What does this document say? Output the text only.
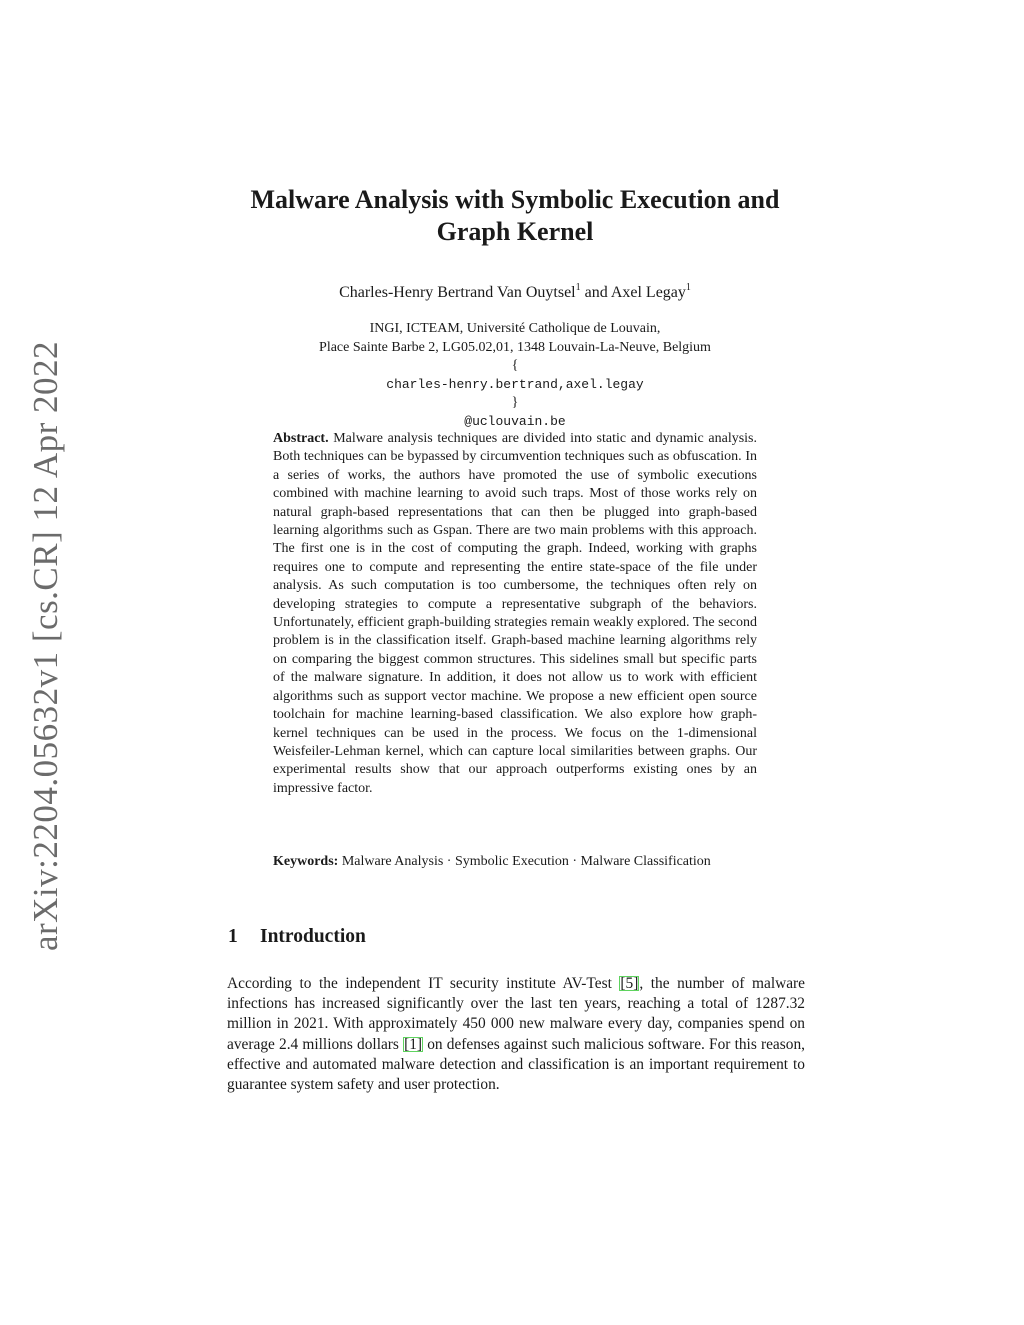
arXiv:2204.05632v1 [cs.CR] 12 Apr 2022
Malware Analysis with Symbolic Execution and
Graph Kernel
Charles-Henry Bertrand Van Ouytsel$^1$ and Axel Legay$^1$
INGI, ICTEAM, Université Catholique de Louvain,
Place Sainte Barbe 2, LG05.02,01, 1348 Louvain-La-Neuve, Belgium
{
charles-henry.bertrand,axel.legay
}
@uclouvain.be
Abstract. Malware analysis techniques are divided into static and dynamic analysis. Both techniques can be bypassed by circumvention techniques such as obfuscation. In a series of works, the authors have promoted the use of symbolic executions combined with machine learning to avoid such traps. Most of those works rely on natural graph-based representations that can then be plugged into graph-based learning algorithms such as Gspan. There are two main problems with this approach. The first one is in the cost of computing the graph. Indeed, working with graphs requires one to compute and representing the entire state-space of the file under analysis. As such computation is too cumbersome, the techniques often rely on developing strategies to compute a representative subgraph of the behaviors. Unfortunately, efficient graph-building strategies remain weakly explored. The second problem is in the classification itself. Graph-based machine learning algorithms rely on comparing the biggest common structures. This sidelines small but specific parts of the malware signature. In addition, it does not allow us to work with efficient algorithms such as support vector machine. We propose a new efficient open source toolchain for machine learning-based classification. We also explore how graph-kernel techniques can be used in the process. We focus on the 1-dimensional Weisfeiler-Lehman kernel, which can capture local similarities between graphs. Our experimental results show that our approach outperforms existing ones by an impressive factor.
Keywords: Malware Analysis · Symbolic Execution · Malware Classification
1 Introduction
According to the independent IT security institute AV-Test [5], the number of malware infections has increased significantly over the last ten years, reaching a total of 1287.32 million in 2021. With approximately 450 000 new malware every day, companies spend on average 2.4 millions dollars [1] on defenses against such malicious software. For this reason, effective and automated malware detection and classification is an important requirement to guarantee system safety and user protection.
